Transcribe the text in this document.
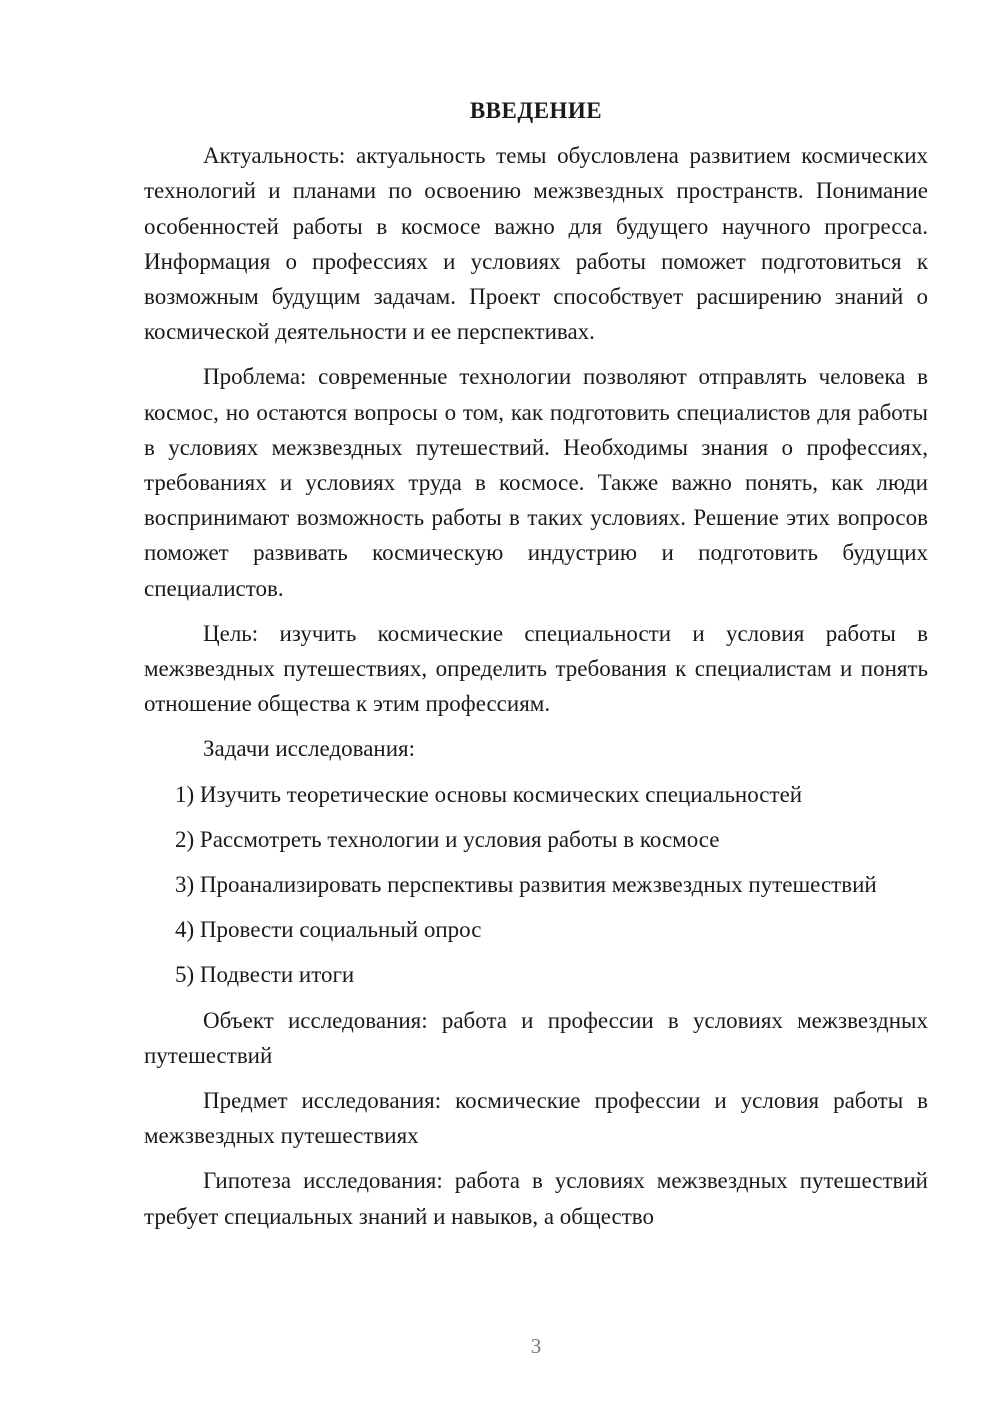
ВВЕДЕНИЕ

Актуальность: актуальность темы обусловлена развитием космических технологий и планами по освоению межзвездных пространств. Понимание особенностей работы в космосе важно для будущего научного прогресса. Информация о профессиях и условиях работы поможет подготовиться к возможным будущим задачам. Проект способствует расширению знаний о космической деятельности и ее перспективах.

Проблема: современные технологии позволяют отправлять человека в космос, но остаются вопросы о том, как подготовить специалистов для работы в условиях межзвездных путешествий. Необходимы знания о профессиях, требованиях и условиях труда в космосе. Также важно понять, как люди воспринимают возможность работы в таких условиях. Решение этих вопросов поможет развивать космическую индустрию и подготовить будущих специалистов.

Цель: изучить космические специальности и условия работы в межзвездных путешествиях, определить требования к специалистам и понять отношение общества к этим профессиям.

Задачи исследования:

1) Изучить теоретические основы космических специальностей

2) Рассмотреть технологии и условия работы в космосе

3) Проанализировать перспективы развития межзвездных путешествий

4) Провести социальный опрос

5) Подвести итоги

Объект исследования: работа и профессии в условиях межзвездных путешествий

Предмет исследования: космические профессии и условия работы в межзвездных путешествиях

Гипотеза исследования: работа в условиях межзвездных путешествий требует специальных знаний и навыков, а общество

3
